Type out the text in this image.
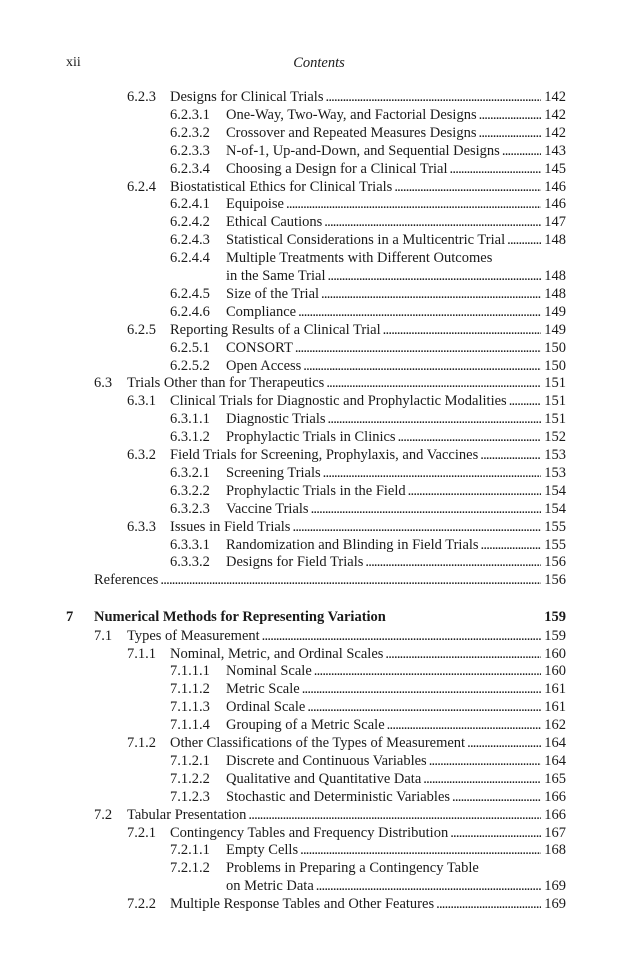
xii	Contents
6.2.3 Designs for Clinical Trials . . .	142
6.2.3.1 One-Way, Two-Way, and Factorial Designs . . .	142
6.2.3.2 Crossover and Repeated Measures Designs . . .	142
6.2.3.3 N-of-1, Up-and-Down, and Sequential Designs . . .	143
6.2.3.4 Choosing a Design for a Clinical Trial . . .	145
6.2.4 Biostatistical Ethics for Clinical Trials . . .	146
6.2.4.1 Equipoise . . .	146
6.2.4.2 Ethical Cautions . . .	147
6.2.4.3 Statistical Considerations in a Multicentric Trial . . .	148
6.2.4.4 Multiple Treatments with Different Outcomes
in the Same Trial . . .	148
6.2.4.5 Size of the Trial . . .	148
6.2.4.6 Compliance . . .	149
6.2.5 Reporting Results of a Clinical Trial . . .	149
6.2.5.1 CONSORT . . .	150
6.2.5.2 Open Access . . .	150
6.3 Trials Other than for Therapeutics . . .	151
6.3.1 Clinical Trials for Diagnostic and Prophylactic Modalities . . .	151
6.3.1.1 Diagnostic Trials . . .	151
6.3.1.2 Prophylactic Trials in Clinics . . .	152
6.3.2 Field Trials for Screening, Prophylaxis, and Vaccines . . .	153
6.3.2.1 Screening Trials . . .	153
6.3.2.2 Prophylactic Trials in the Field . . .	154
6.3.2.3 Vaccine Trials . . .	154
6.3.3 Issues in Field Trials . . .	155
6.3.3.1 Randomization and Blinding in Field Trials . . .	155
6.3.3.2 Designs for Field Trials . . .	156
References . . .	156
7 Numerical Methods for Representing Variation	159
7.1 Types of Measurement . . .	159
7.1.1 Nominal, Metric, and Ordinal Scales . . .	160
7.1.1.1 Nominal Scale . . .	160
7.1.1.2 Metric Scale . . .	161
7.1.1.3 Ordinal Scale . . .	161
7.1.1.4 Grouping of a Metric Scale . . .	162
7.1.2 Other Classifications of the Types of Measurement . . .	164
7.1.2.1 Discrete and Continuous Variables . . .	164
7.1.2.2 Qualitative and Quantitative Data . . .	165
7.1.2.3 Stochastic and Deterministic Variables . . .	166
7.2 Tabular Presentation . . .	166
7.2.1 Contingency Tables and Frequency Distribution . . .	167
7.2.1.1 Empty Cells . . .	168
7.2.1.2 Problems in Preparing a Contingency Table
on Metric Data . . .	169
7.2.2 Multiple Response Tables and Other Features . . .	169
